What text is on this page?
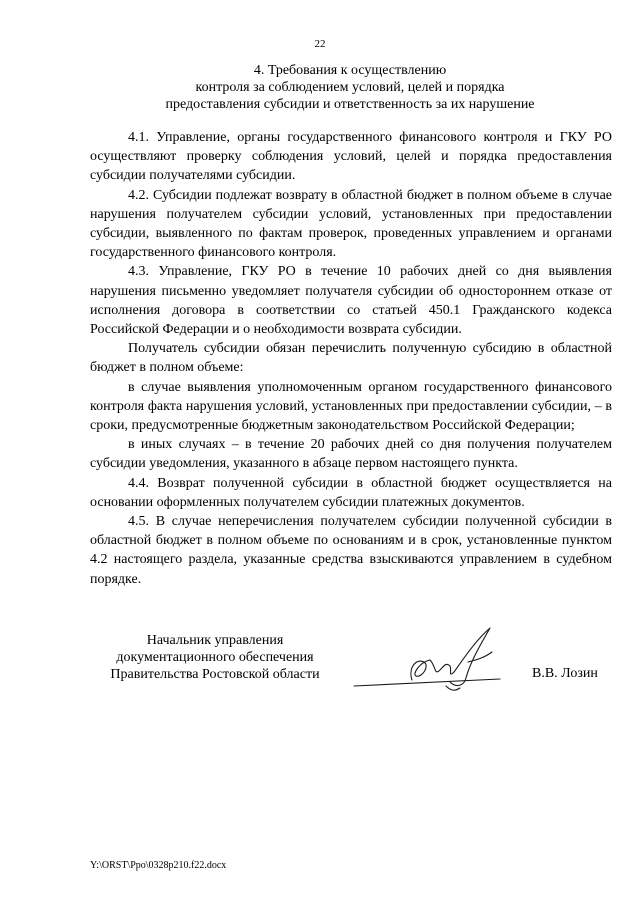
22
4. Требования к осуществлению
контроля за соблюдением условий, целей и порядка
предоставления субсидии и ответственность за их нарушение

4.1. Управление, органы государственного финансового контроля и ГКУ РО осуществляют проверку соблюдения условий, целей и порядка предоставления субсидии получателями субсидии.

4.2. Субсидии подлежат возврату в областной бюджет в полном объеме в случае нарушения получателем субсидии условий, установленных при предоставлении субсидии, выявленного по фактам проверок, проведенных управлением и органами государственного финансового контроля.

4.3. Управление, ГКУ РО в течение 10 рабочих дней со дня выявления нарушения письменно уведомляет получателя субсидии об одностороннем отказе от исполнения договора в соответствии со статьей 450.1 Гражданского кодекса Российской Федерации и о необходимости возврата субсидии.

Получатель субсидии обязан перечислить полученную субсидию в областной бюджет в полном объеме:

в случае выявления уполномоченным органом государственного финансового контроля факта нарушения условий, установленных при предоставлении субсидии, – в сроки, предусмотренные бюджетным законодательством Российской Федерации;

в иных случаях – в течение 20 рабочих дней со дня получения получателем субсидии уведомления, указанного в абзаце первом настоящего пункта.

4.4. Возврат полученной субсидии в областной бюджет осуществляется на основании оформленных получателем субсидии платежных документов.

4.5. В случае неперечисления получателем субсидии полученной субсидии в областной бюджет в полном объеме по основаниям и в срок, установленные пунктом 4.2 настоящего раздела, указанные средства взыскиваются управлением в судебном порядке.

Начальник управления
документационного обеспечения
Правительства Ростовской области	В.В. Лозин
Y:\ORST\Ppo\0328p210.f22.docx
